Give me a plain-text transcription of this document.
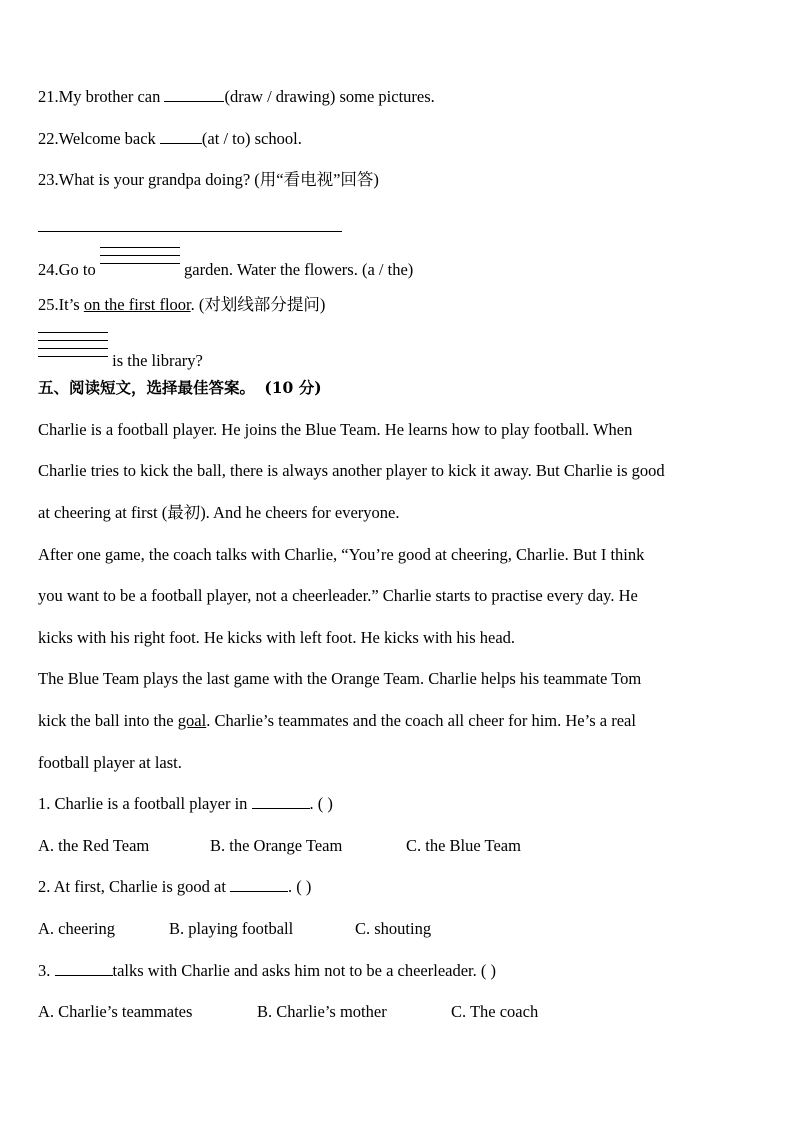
21.My brother can	(draw / drawing) some pictures.
22.Welcome back	(at / to) school.
23.What is your grandpa doing? (用“看电视”回答)
24.Go to	garden. Water the flowers. (a / the)
25.It’s on the first floor. (对划线部分提问)
is the library?
五、阅读短文，选择最佳答案。 (10 分)
Charlie is a football player. He joins the Blue Team. He learns how to play football. When
Charlie tries to kick the ball, there is always another player to kick it away. But Charlie is good
at cheering at first (最初). And he cheers for everyone.
After one game, the coach talks with Charlie, “You’re good at cheering, Charlie. But I think
you want to be a football player, not a cheerleader.” Charlie starts to practise every day. He
kicks with his right foot. He kicks with left foot. He kicks with his head.
The Blue Team plays the last game with the Orange Team. Charlie helps his teammate Tom
kick the ball into the goal. Charlie’s teammates and the coach all cheer for him. He’s a real
football player at last.
1. Charlie is a football player in	. ( )
A. the Red Team	B. the Orange Team	C. the Blue Team
2. At first, Charlie is good at	. ( )
A. cheering	B. playing football	C. shouting
3.	talks with Charlie and asks him not to be a cheerleader. ( )
A. Charlie’s teammates	B. Charlie’s mother	C. The coach
